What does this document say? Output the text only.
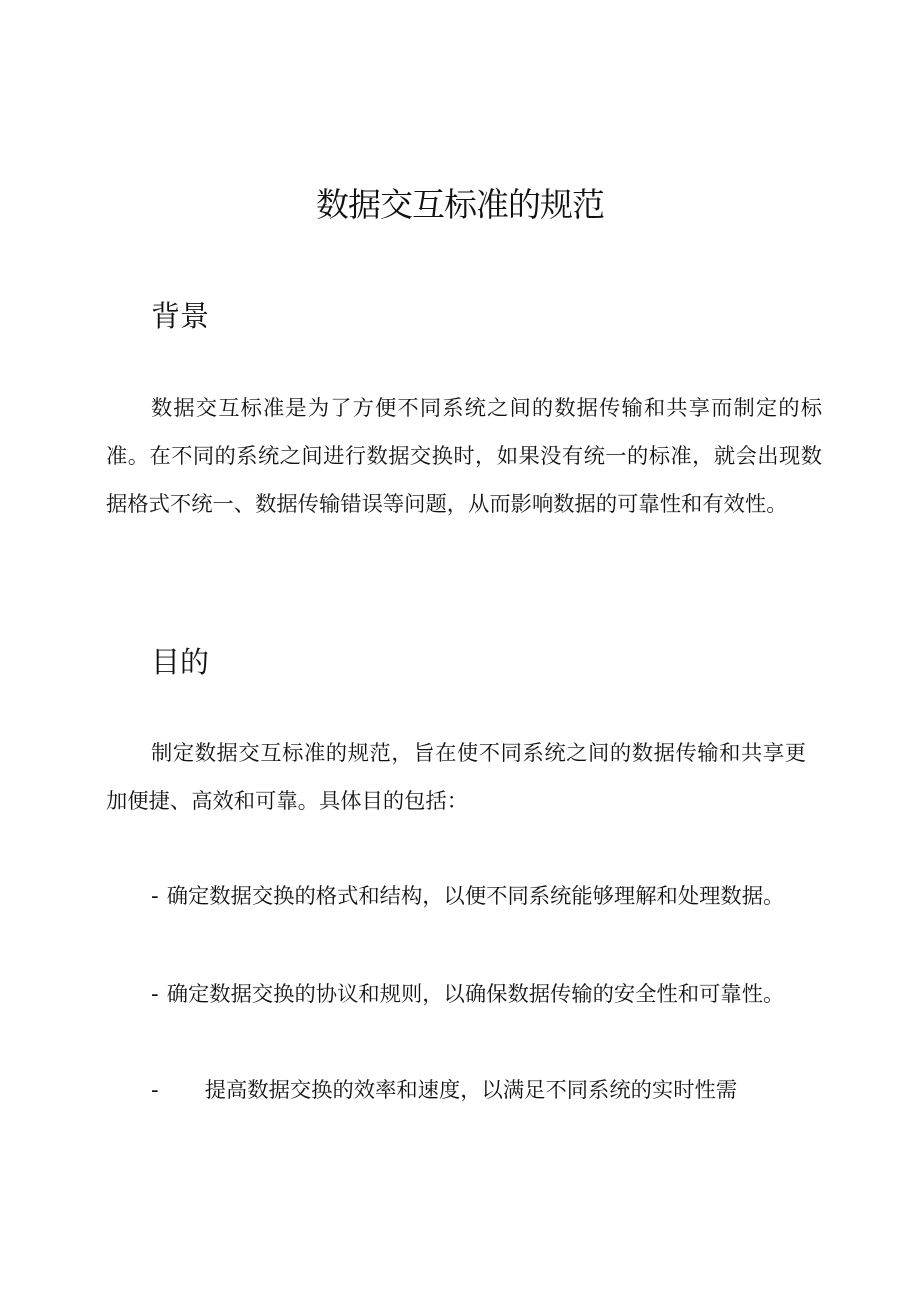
数据交互标准的规范
背景

数据交互标准是为了方便不同系统之间的数据传输和共享而制定的标准。在不同的系统之间进行数据交换时，如果没有统一的标准，就会出现数据格式不统一、数据传输错误等问题，从而影响数据的可靠性和有效性。

目的

制定数据交互标准的规范，旨在使不同系统之间的数据传输和共享更加便捷、高效和可靠。具体目的包括：

- 确定数据交换的格式和结构，以便不同系统能够理解和处理数据。

- 确定数据交换的协议和规则，以确保数据传输的安全性和可靠性。

- 提高数据交换的效率和速度，以满足不同系统的实时性需
